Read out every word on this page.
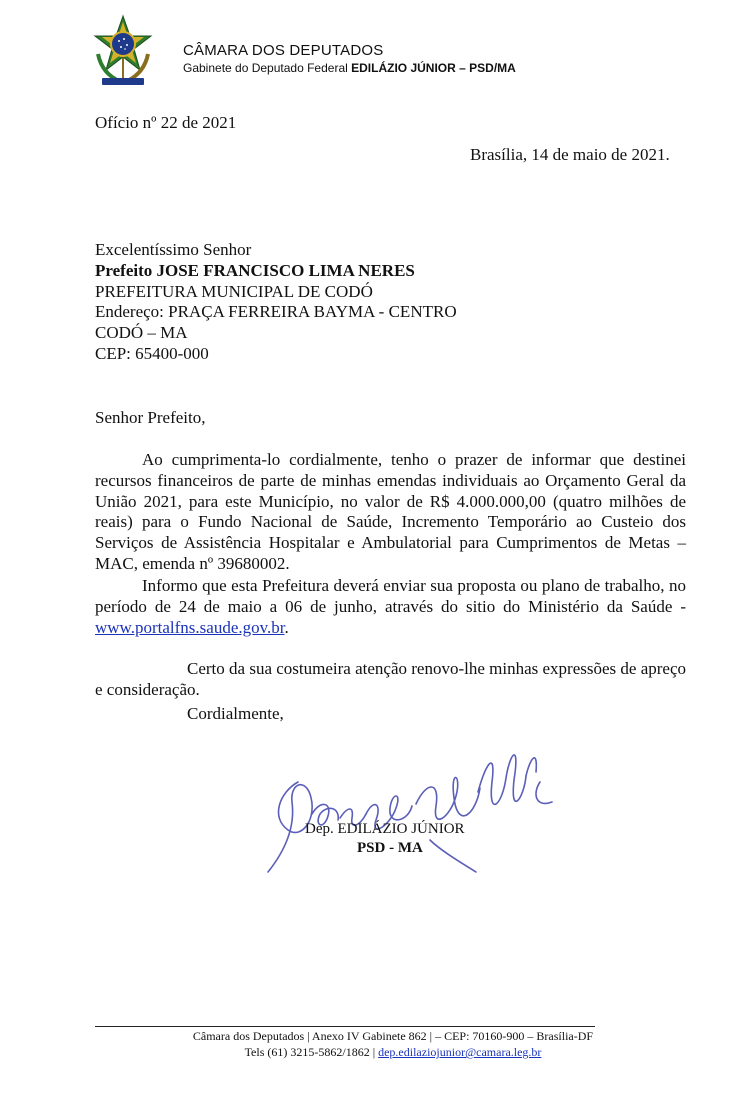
CÂMARA DOS DEPUTADOS
Gabinete do Deputado Federal EDILÁZIO JÚNIOR – PSD/MA
Ofício nº 22 de 2021
Brasília, 14 de maio de 2021.
Excelentíssimo Senhor
Prefeito JOSE FRANCISCO LIMA NERES
PREFEITURA MUNICIPAL DE CODÓ
Endereço: PRAÇA FERREIRA BAYMA - CENTRO
CODÓ – MA
CEP: 65400-000
Senhor Prefeito,
Ao cumprimenta-lo cordialmente, tenho o prazer de informar que destinei recursos financeiros de parte de minhas emendas individuais ao Orçamento Geral da União 2021, para este Município, no valor de R$ 4.000.000,00 (quatro milhões de reais) para o Fundo Nacional de Saúde, Incremento Temporário ao Custeio dos Serviços de Assistência Hospitalar e Ambulatorial para Cumprimentos de Metas – MAC, emenda nº 39680002.
Informo que esta Prefeitura deverá enviar sua proposta ou plano de trabalho, no período de 24 de maio a 06 de junho, através do sitio do Ministério da Saúde - www.portalfns.saude.gov.br.
Certo da sua costumeira atenção renovo-lhe minhas expressões de apreço e consideração.
Cordialmente,
Dep. EDILÁZIO JÚNIOR
PSD - MA
Câmara dos Deputados | Anexo IV Gabinete 862 | – CEP: 70160-900 – Brasília-DF
Tels (61) 3215-5862/1862 | dep.edilaziojunior@camara.leg.br
